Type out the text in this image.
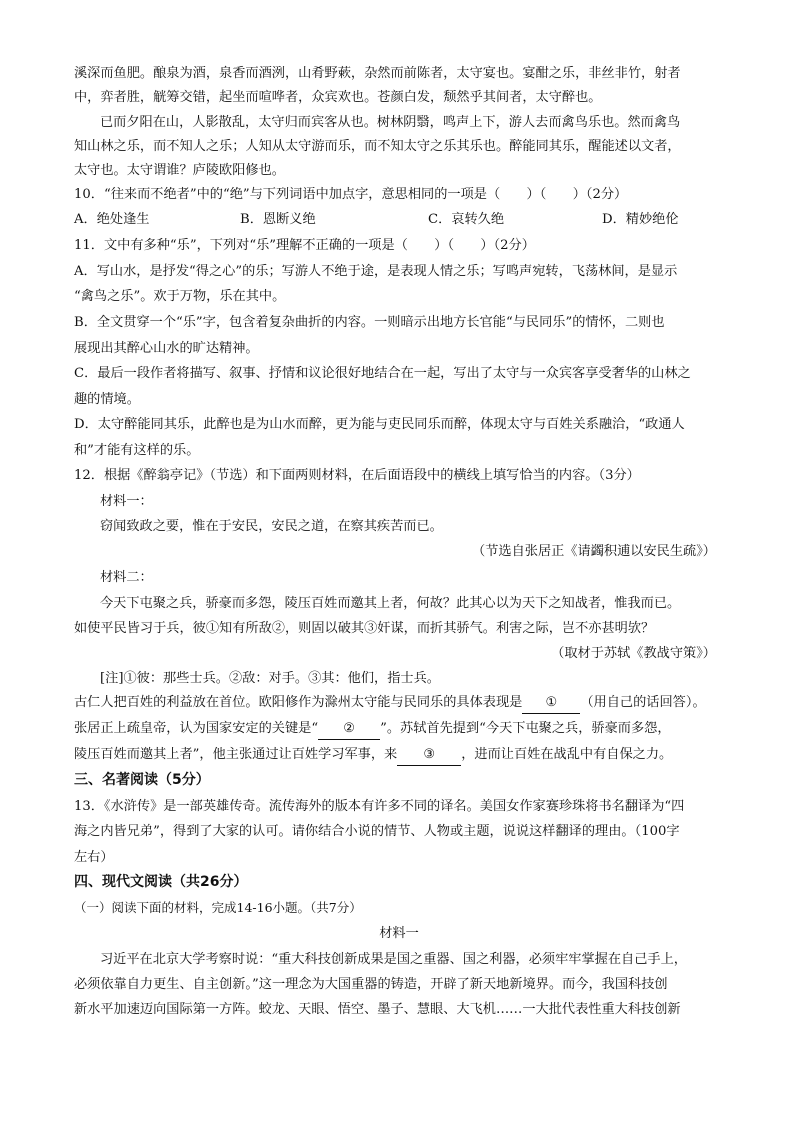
溪深而鱼肥。酿泉为酒，泉香而酒洌，山肴野蔌，杂然而前陈者，太守宴也。宴酣之乐，非丝非竹，射者
中，弈者胜，觥筹交错，起坐而喧哗者，众宾欢也。苍颜白发，颓然乎其间者，太守醉也。
已而夕阳在山，人影散乱，太守归而宾客从也。树林阴翳，鸣声上下，游人去而禽鸟乐也。然而禽鸟
知山林之乐，而不知人之乐；人知从太守游而乐，而不知太守之乐其乐也。醉能同其乐，醒能述以文者，
太守也。太守谓谁？庐陵欧阳修也。
10．“往来而不绝者”中的“绝”与下列词语中加点字，意思相同的一项是（　　）（　　）（2分）
A．绝处逢生	B．恩断义绝	C．哀转久绝	D．精妙绝伦
11．文中有多种“乐”，下列对“乐”理解不正确的一项是（　　）（　　）（2分）
A．写山水，是抒发“得之心”的乐；写游人不绝于途，是表现人情之乐；写鸣声宛转，飞荡林间，是显示
“禽鸟之乐”。欢于万物，乐在其中。
B．全文贯穿一个“乐”字，包含着复杂曲折的内容。一则暗示出地方长官能“与民同乐”的情怀，二则也
展现出其醉心山水的旷达精神。
C．最后一段作者将描写、叙事、抒情和议论很好地结合在一起，写出了太守与一众宾客享受奢华的山林之
趣的情境。
D．太守醉能同其乐，此醉也是为山水而醉，更为能与吏民同乐而醉，体现太守与百姓关系融洽，“政通人
和”才能有这样的乐。
12．根据《醉翁亭记》（节选）和下面两则材料，在后面语段中的横线上填写恰当的内容。（3分）
材料一：
窃闻致政之要，惟在于安民，安民之道，在察其疾苦而已。
（节选自张居正《请蠲积逋以安民生疏》）
材料二：
今天下屯聚之兵，骄豪而多怨，陵压百姓而邀其上者，何故？此其心以为天下之知战者，惟我而已。
如使平民皆习于兵，彼①知有所敌②，则固以破其③奸谋，而折其骄气。利害之际，岂不亦甚明欤？
（取材于苏轼《教战守策》）
[注]①彼：那些士兵。②敌：对手。③其：他们，指士兵。
古仁人把百姓的利益放在首位。欧阳修作为滁州太守能与民同乐的具体表现是 ① （用自己的话回答）。
张居正上疏皇帝，认为国家安定的关键是“ ② ”。苏轼首先提到“今天下屯聚之兵，骄豪而多怨，
陵压百姓而邀其上者”，他主张通过让百姓学习军事，来 ③ ，进而让百姓在战乱中有自保之力。
三、名著阅读（5分）
13．《水浒传》是一部英雄传奇。流传海外的版本有许多不同的译名。美国女作家赛珍珠将书名翻译为“四
海之内皆兄弟”，得到了大家的认可。请你结合小说的情节、人物或主题，说说这样翻译的理由。（100字
左右）
四、现代文阅读（共26分）
（一）阅读下面的材料，完成14-16小题。（共7分）
材料一
习近平在北京大学考察时说：“重大科技创新成果是国之重器、国之利器，必须牢牢掌握在自己手上，
必须依靠自力更生、自主创新。”这一理念为大国重器的铸造，开辟了新天地新境界。而今，我国科技创
新水平加速迈向国际第一方阵。蛟龙、天眼、悟空、墨子、慧眼、大飞机……一大批代表性重大科技创新
